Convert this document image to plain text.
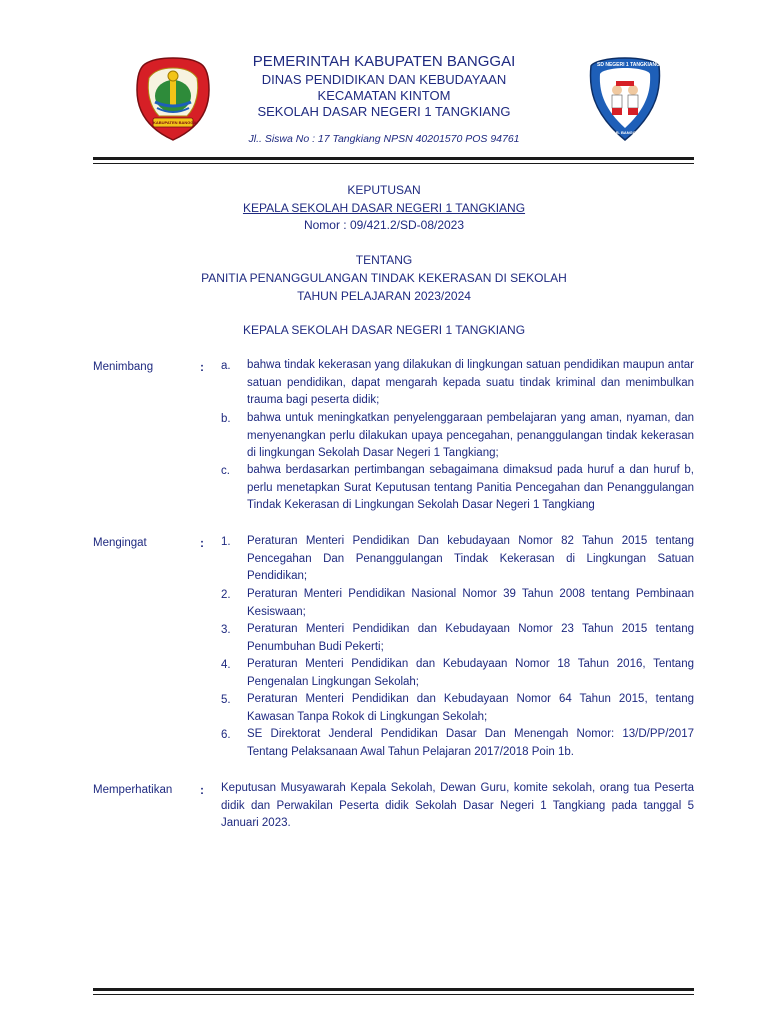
KABUPATEN BANGGAI
SD NEGERI 1 TANGKIANG
KAB. BANGGAI
PEMERINTAH KABUPATEN BANGGAI
DINAS PENDIDIKAN DAN KEBUDAYAAN
KECAMATAN KINTOM
SEKOLAH DASAR NEGERI 1 TANGKIANG
Jl.. Siswa No : 17 Tangkiang NPSN 40201570 POS 94761
KEPUTUSAN
KEPALA SEKOLAH DASAR NEGERI 1 TANGKIANG
Nomor : 09/421.2/SD-08/2023
TENTANG
PANITIA PENANGGULANGAN TINDAK KEKERASAN DI SEKOLAH
TAHUN PELAJARAN 2023/2024
KEPALA SEKOLAH DASAR NEGERI 1 TANGKIANG
Menimbang	: a. bahwa tindak kekerasan yang dilakukan di lingkungan satuan pendidikan maupun antar satuan pendidikan, dapat mengarah kepada suatu tindak kriminal dan menimbulkan trauma bagi peserta didik;
b. bahwa untuk meningkatkan penyelenggaraan pembelajaran yang aman, nyaman, dan menyenangkan perlu dilakukan upaya pencegahan, penanggulangan tindak kekerasan di lingkungan Sekolah Dasar Negeri 1 Tangkiang;
c. bahwa berdasarkan pertimbangan sebagaimana dimaksud pada huruf a dan huruf b, perlu menetapkan Surat Keputusan tentang Panitia Pencegahan dan Penanggulangan Tindak Kekerasan di Lingkungan Sekolah Dasar Negeri 1 Tangkiang
Mengingat	: 1. Peraturan Menteri Pendidikan Dan kebudayaan Nomor 82 Tahun 2015 tentang Pencegahan Dan Penanggulangan Tindak Kekerasan di Lingkungan Satuan Pendidikan;
2. Peraturan Menteri Pendidikan Nasional Nomor 39 Tahun 2008 tentang Pembinaan Kesiswaan;
3. Peraturan Menteri Pendidikan dan Kebudayaan Nomor 23 Tahun 2015 tentang Penumbuhan Budi Pekerti;
4. Peraturan Menteri Pendidikan dan Kebudayaan Nomor 18 Tahun 2016, Tentang Pengenalan Lingkungan Sekolah;
5. Peraturan Menteri Pendidikan dan Kebudayaan Nomor 64 Tahun 2015, tentang Kawasan Tanpa Rokok di Lingkungan Sekolah;
6. SE Direktorat Jenderal Pendidikan Dasar Dan Menengah Nomor: 13/D/PP/2017 Tentang Pelaksanaan Awal Tahun Pelajaran 2017/2018 Poin 1b.
Memperhatikan : Keputusan Musyawarah Kepala Sekolah, Dewan Guru, komite sekolah, orang tua Peserta didik dan Perwakilan Peserta didik Sekolah Dasar Negeri 1 Tangkiang pada tanggal 5 Januari 2023.
